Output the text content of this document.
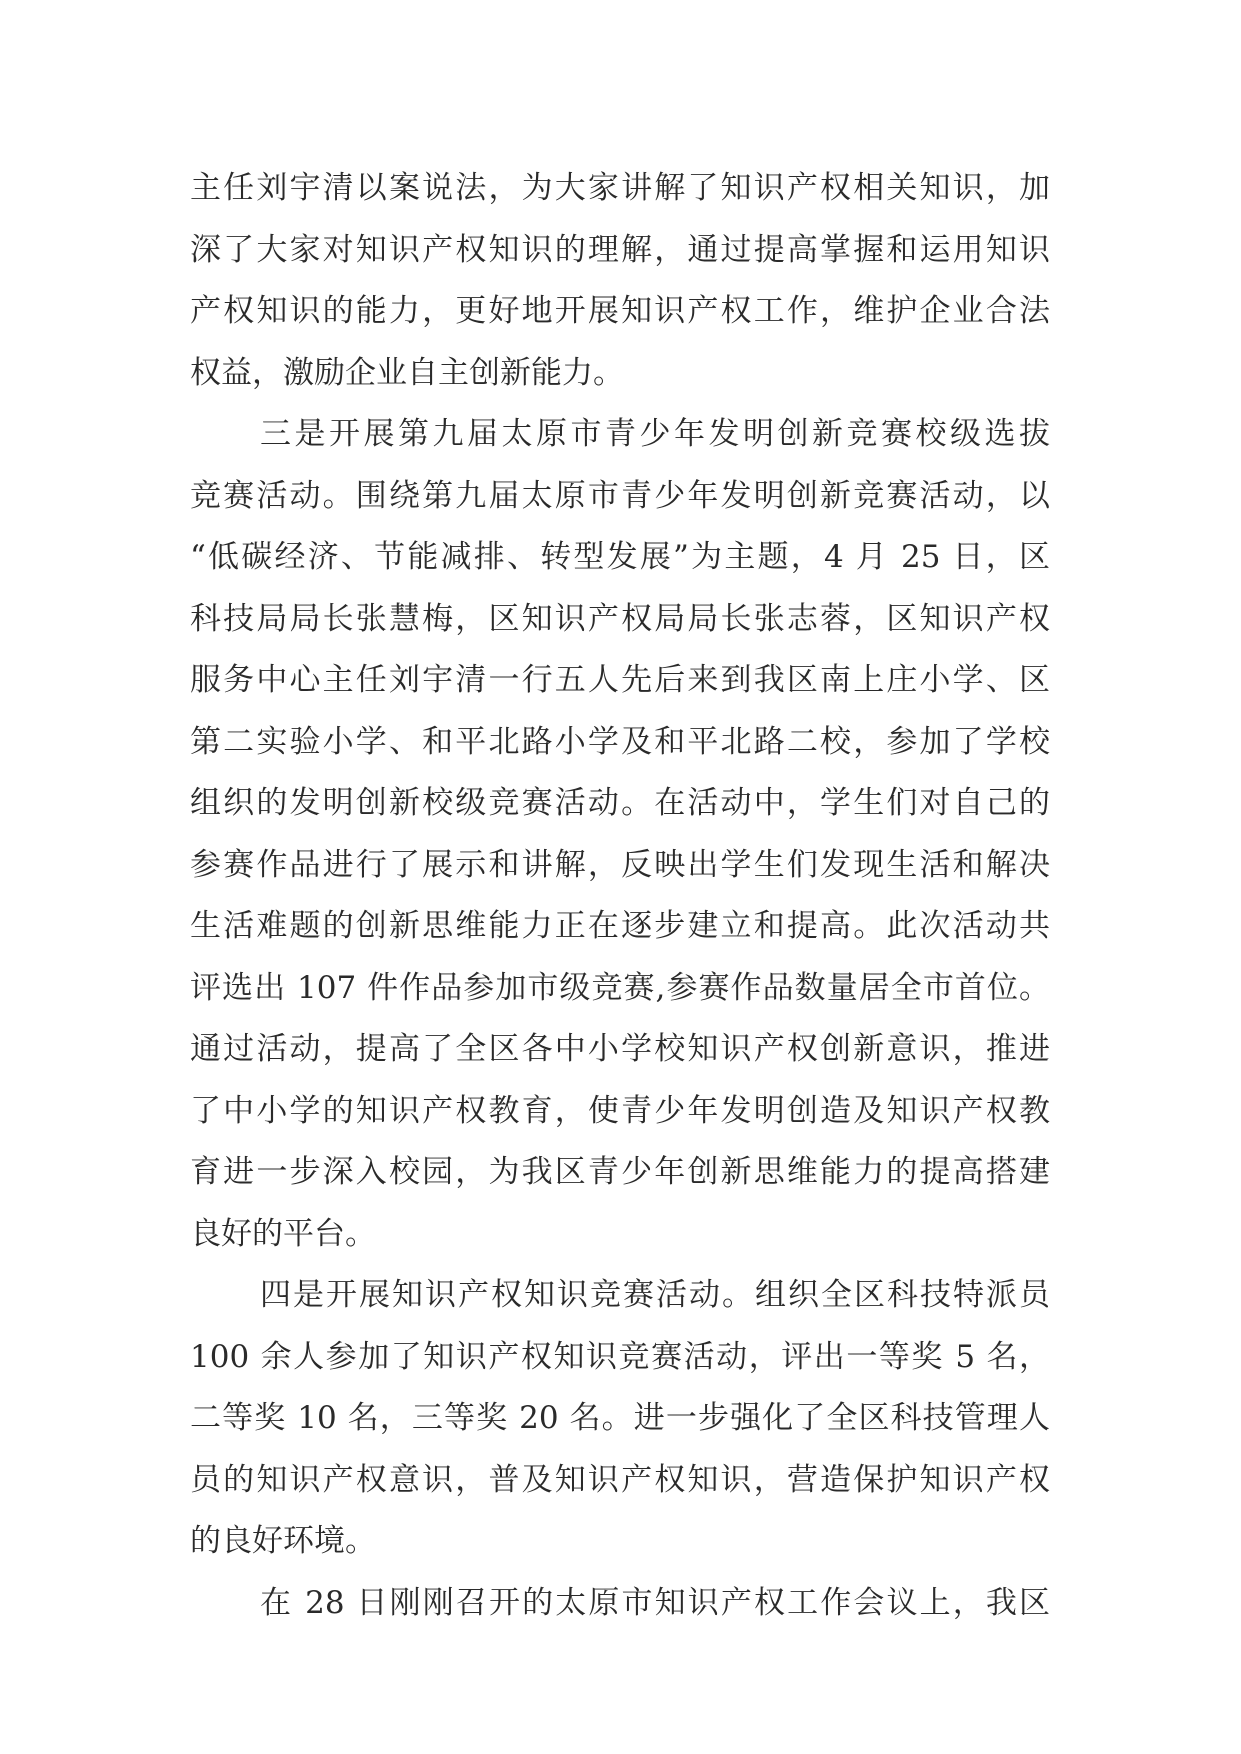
主任刘宇清以案说法，为大家讲解了知识产权相关知识，加
深了大家对知识产权知识的理解，通过提高掌握和运用知识
产权知识的能力，更好地开展知识产权工作，维护企业合法
权益，激励企业自主创新能力。
三是开展第九届太原市青少年发明创新竞赛校级选拔
竞赛活动。围绕第九届太原市青少年发明创新竞赛活动，以
“低碳经济、节能减排、转型发展”为主题，4 月 25 日，区
科技局局长张慧梅，区知识产权局局长张志蓉，区知识产权
服务中心主任刘宇清一行五人先后来到我区南上庄小学、区
第二实验小学、和平北路小学及和平北路二校，参加了学校
组织的发明创新校级竞赛活动。在活动中，学生们对自己的
参赛作品进行了展示和讲解，反映出学生们发现生活和解决
生活难题的创新思维能力正在逐步建立和提高。此次活动共
评选出 107 件作品参加市级竞赛,参赛作品数量居全市首位。
通过活动，提高了全区各中小学校知识产权创新意识，推进
了中小学的知识产权教育，使青少年发明创造及知识产权教
育进一步深入校园，为我区青少年创新思维能力的提高搭建
良好的平台。
四是开展知识产权知识竞赛活动。组织全区科技特派员
100 余人参加了知识产权知识竞赛活动，评出一等奖 5 名，
二等奖 10 名，三等奖 20 名。进一步强化了全区科技管理人
员的知识产权意识，普及知识产权知识，营造保护知识产权
的良好环境。
在 28 日刚刚召开的太原市知识产权工作会议上，我区
